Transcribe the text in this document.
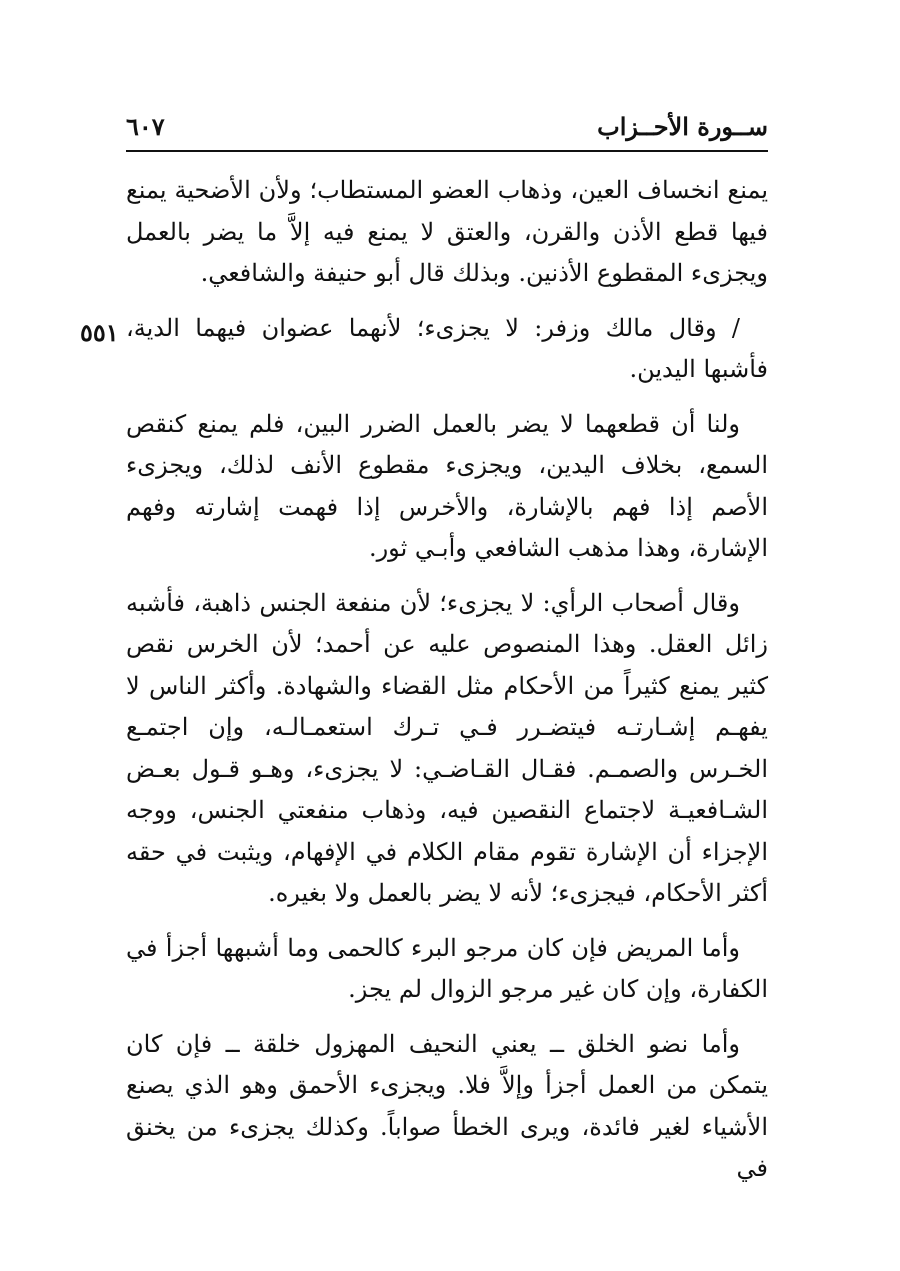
ســورة الأحــزاب
٦٠٧
٥٥١

يمنع انخساف العين، وذهاب العضو المستطاب؛ ولأن الأضحية يمنع فيها قطع الأذن والقرن، والعتق لا يمنع فيه إلاَّ ما يضر بالعمل ويجزىء المقطوع الأذنين. وبذلك قال أبو حنيفة والشافعي.

/ وقال مالك وزفر: لا يجزىء؛ لأنهما عضوان فيهما الدية، فأشبها اليدين.

ولنا أن قطعهما لا يضر بالعمل الضرر البين، فلم يمنع كنقص السمع، بخلاف اليدين، ويجزىء مقطوع الأنف لذلك، ويجزىء الأصم إذا فهم بالإشارة، والأخرس إذا فهمت إشارته وفهم الإشارة، وهذا مذهب الشافعي وأبـي ثور.

وقال أصحاب الرأي: لا يجزىء؛ لأن منفعة الجنس ذاهبة، فأشبه زائل العقل. وهذا المنصوص عليه عن أحمد؛ لأن الخرس نقص كثير يمنع كثيراً من الأحكام مثل القضاء والشهادة. وأكثر الناس لا يفهـم إشـارتـه فيتضـرر فـي تـرك استعمـالـه، وإن اجتمـع الخـرس والصمـم. فقـال القـاضـي: لا يجزىء، وهـو قـول بعـض الشـافعيـة لاجتماع النقصين فيه، وذهاب منفعتي الجنس، ووجه الإجزاء أن الإشارة تقوم مقام الكلام في الإفهام، ويثبت في حقه أكثر الأحكام، فيجزىء؛ لأنه لا يضر بالعمل ولا بغيره.

وأما المريض فإن كان مرجو البرء كالحمى وما أشبهها أجزأ في الكفارة، وإن كان غير مرجو الزوال لم يجز.

وأما نضو الخلق ــ يعني النحيف المهزول خلقة ــ فإن كان يتمكن من العمل أجزأ وإلاَّ فلا. ويجزىء الأحمق وهو الذي يصنع الأشياء لغير فائدة، ويرى الخطأ صواباً. وكذلك يجزىء من يخنق في
